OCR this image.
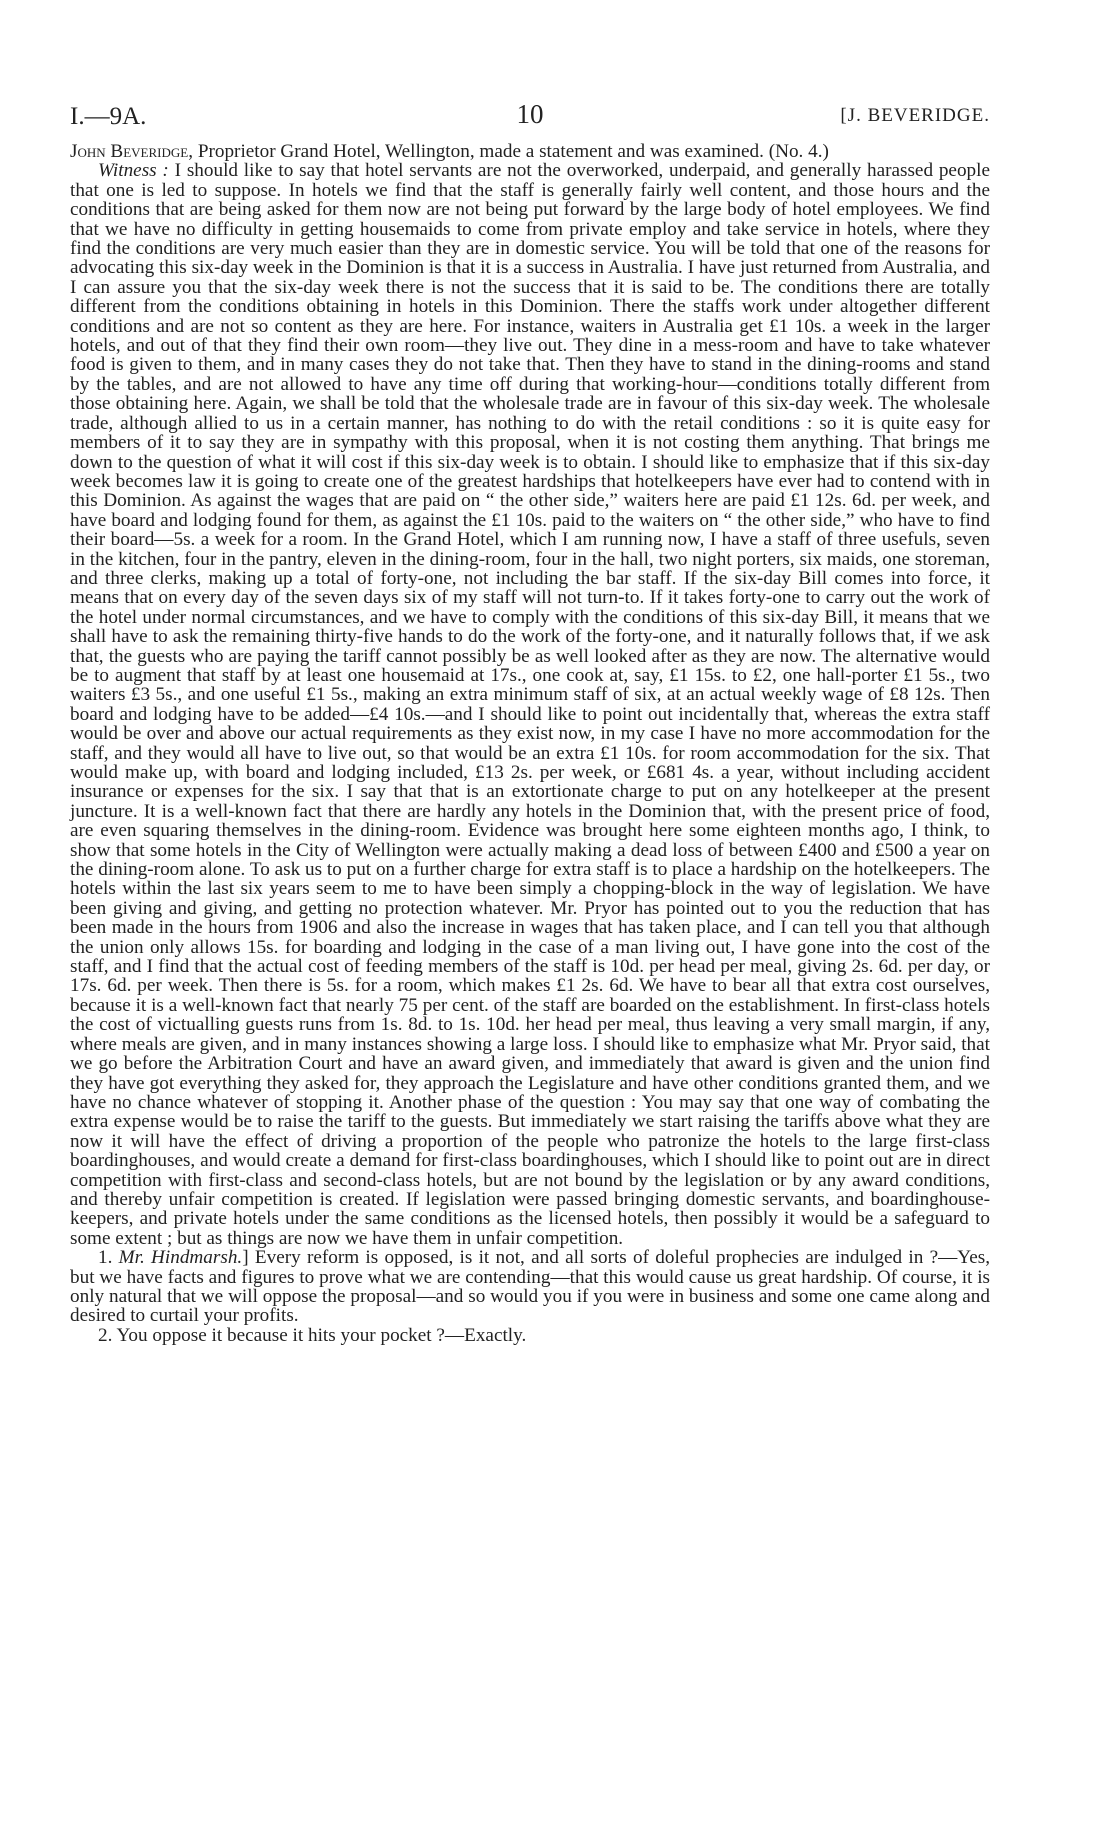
I.—9A.	10	[J. BEVERIDGE.

John Beveridge, Proprietor Grand Hotel, Wellington, made a statement and was examined. (No. 4.)

Witness : I should like to say that hotel servants are not the overworked, underpaid, and generally harassed people that one is led to suppose. In hotels we find that the staff is generally fairly well content, and those hours and the conditions that are being asked for them now are not being put forward by the large body of hotel employees. We find that we have no difficulty in getting housemaids to come from private employ and take service in hotels, where they find the conditions are very much easier than they are in domestic service. You will be told that one of the reasons for advocating this six-day week in the Dominion is that it is a success in Australia. I have just returned from Australia, and I can assure you that the six-day week there is not the success that it is said to be. The conditions there are totally different from the conditions obtaining in hotels in this Dominion. There the staffs work under altogether different conditions and are not so content as they are here. For instance, waiters in Australia get £1 10s. a week in the larger hotels, and out of that they find their own room—they live out. They dine in a mess-room and have to take whatever food is given to them, and in many cases they do not take that. Then they have to stand in the dining-rooms and stand by the tables, and are not allowed to have any time off during that working-hour—conditions totally different from those obtaining here. Again, we shall be told that the wholesale trade are in favour of this six-day week. The wholesale trade, although allied to us in a certain manner, has nothing to do with the retail conditions : so it is quite easy for members of it to say they are in sympathy with this proposal, when it is not costing them anything. That brings me down to the question of what it will cost if this six-day week is to obtain. I should like to emphasize that if this six-day week becomes law it is going to create one of the greatest hardships that hotelkeepers have ever had to contend with in this Dominion. As against the wages that are paid on “ the other side,” waiters here are paid £1 12s. 6d. per week, and have board and lodging found for them, as against the £1 10s. paid to the waiters on “ the other side,” who have to find their board—5s. a week for a room. In the Grand Hotel, which I am running now, I have a staff of three usefuls, seven in the kitchen, four in the pantry, eleven in the dining-room, four in the hall, two night porters, six maids, one storeman, and three clerks, making up a total of forty-one, not including the bar staff. If the six-day Bill comes into force, it means that on every day of the seven days six of my staff will not turn-to. If it takes forty-one to carry out the work of the hotel under normal circumstances, and we have to comply with the conditions of this six-day Bill, it means that we shall have to ask the remaining thirty-five hands to do the work of the forty-one, and it naturally follows that, if we ask that, the guests who are paying the tariff cannot possibly be as well looked after as they are now. The alternative would be to augment that staff by at least one housemaid at 17s., one cook at, say, £1 15s. to £2, one hall-porter £1 5s., two waiters £3 5s., and one useful £1 5s., making an extra minimum staff of six, at an actual weekly wage of £8 12s. Then board and lodging have to be added—£4 10s.—and I should like to point out incidentally that, whereas the extra staff would be over and above our actual requirements as they exist now, in my case I have no more accommodation for the staff, and they would all have to live out, so that would be an extra £1 10s. for room accommodation for the six. That would make up, with board and lodging included, £13 2s. per week, or £681 4s. a year, without including accident insurance or expenses for the six. I say that that is an extortionate charge to put on any hotelkeeper at the present juncture. It is a well-known fact that there are hardly any hotels in the Dominion that, with the present price of food, are even squaring themselves in the dining-room. Evidence was brought here some eighteen months ago, I think, to show that some hotels in the City of Wellington were actually making a dead loss of between £400 and £500 a year on the dining-room alone. To ask us to put on a further charge for extra staff is to place a hardship on the hotelkeepers. The hotels within the last six years seem to me to have been simply a chopping-block in the way of legislation. We have been giving and giving, and getting no protection whatever. Mr. Pryor has pointed out to you the reduction that has been made in the hours from 1906 and also the increase in wages that has taken place, and I can tell you that although the union only allows 15s. for boarding and lodging in the case of a man living out, I have gone into the cost of the staff, and I find that the actual cost of feeding members of the staff is 10d. per head per meal, giving 2s. 6d. per day, or 17s. 6d. per week. Then there is 5s. for a room, which makes £1 2s. 6d. We have to bear all that extra cost ourselves, because it is a well-known fact that nearly 75 per cent. of the staff are boarded on the establishment. In first-class hotels the cost of victualling guests runs from 1s. 8d. to 1s. 10d. her head per meal, thus leaving a very small margin, if any, where meals are given, and in many instances showing a large loss. I should like to emphasize what Mr. Pryor said, that we go before the Arbitration Court and have an award given, and immediately that award is given and the union find they have got everything they asked for, they approach the Legislature and have other conditions granted them, and we have no chance whatever of stopping it. Another phase of the question : You may say that one way of combating the extra expense would be to raise the tariff to the guests. But immediately we start raising the tariffs above what they are now it will have the effect of driving a proportion of the people who patronize the hotels to the large first-class boardinghouses, and would create a demand for first-class boardinghouses, which I should like to point out are in direct competition with first-class and second-class hotels, but are not bound by the legislation or by any award conditions, and thereby unfair competition is created. If legislation were passed bringing domestic servants, and boardinghouse-keepers, and private hotels under the same conditions as the licensed hotels, then possibly it would be a safeguard to some extent ; but as things are now we have them in unfair competition.

1. Mr. Hindmarsh.] Every reform is opposed, is it not, and all sorts of doleful prophecies are indulged in ?—Yes, but we have facts and figures to prove what we are contending—that this would cause us great hardship. Of course, it is only natural that we will oppose the proposal—and so would you if you were in business and some one came along and desired to curtail your profits.

2. You oppose it because it hits your pocket ?—Exactly.
